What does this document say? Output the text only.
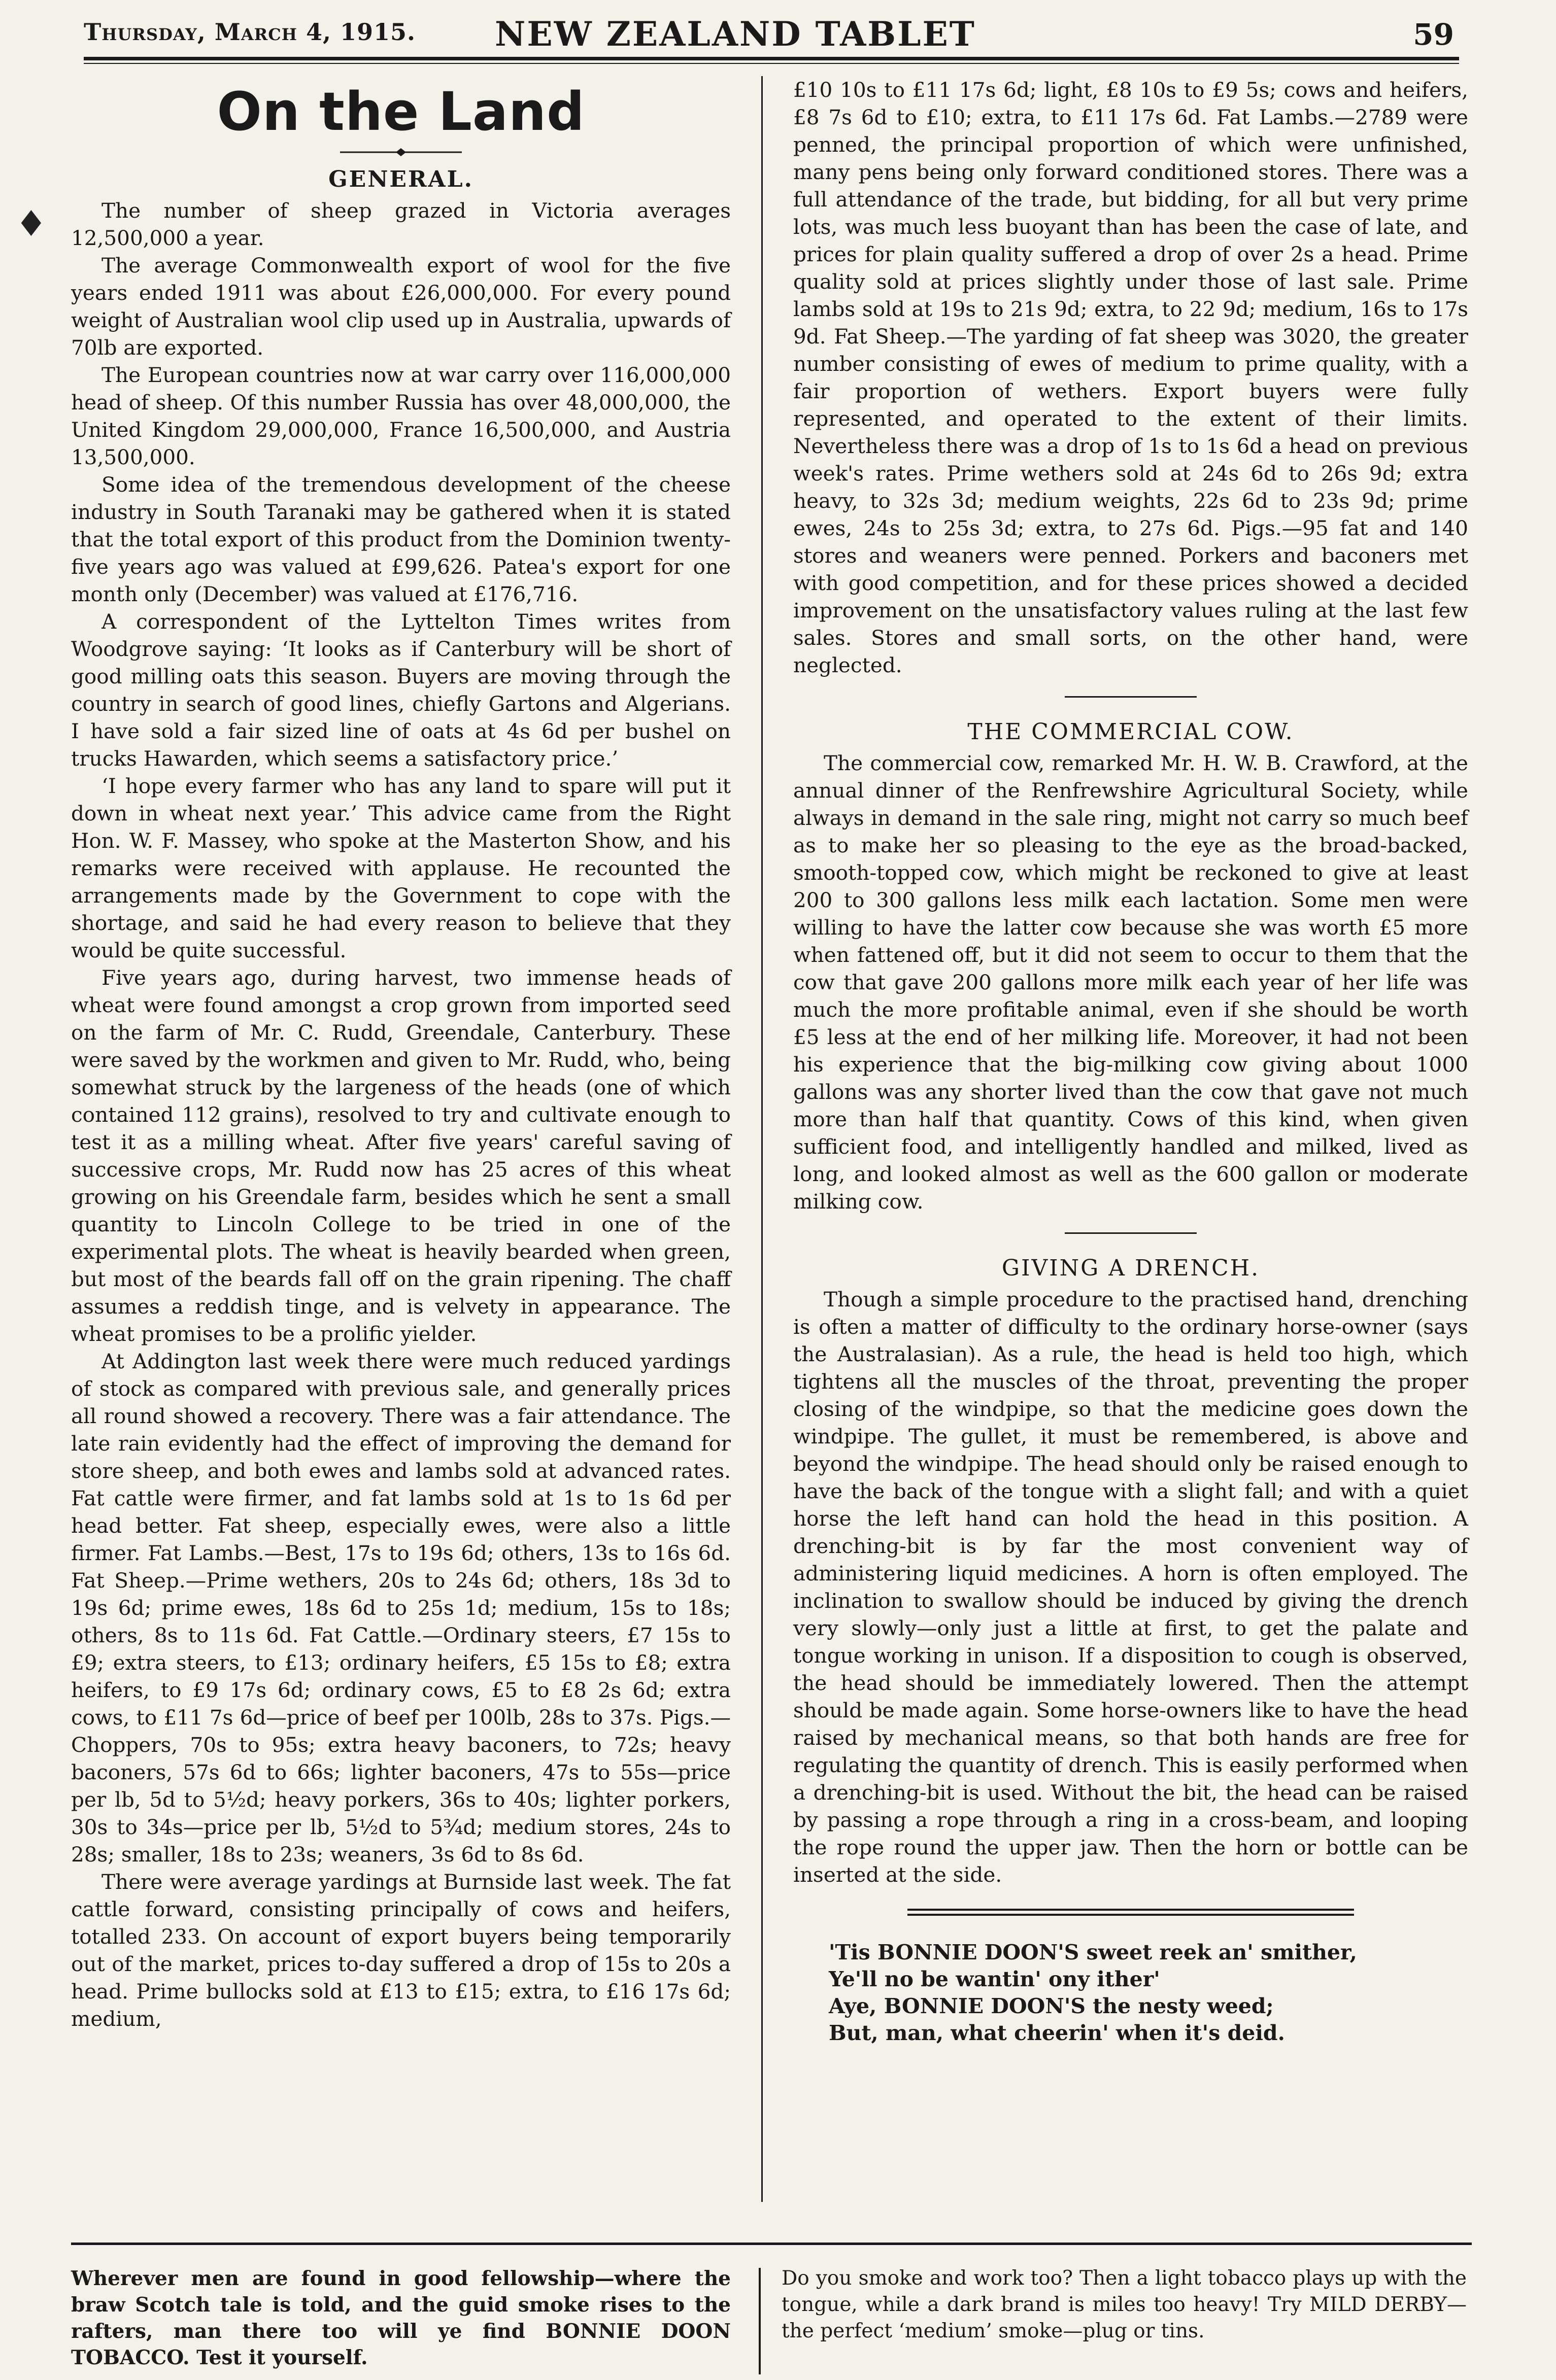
Thursday, March 4, 1915. NEW ZEALAND TABLET	59
♦
On the Land
GENERAL.

The number of sheep grazed in Victoria averages 12,500,000 a year.

The average Commonwealth export of wool for the five years ended 1911 was about £26,000,000. For every pound weight of Australian wool clip used up in Australia, upwards of 70lb are exported.

The European countries now at war carry over 116,000,000 head of sheep. Of this number Russia has over 48,000,000, the United Kingdom 29,000,000, France 16,500,000, and Austria 13,500,000.

Some idea of the tremendous development of the cheese industry in South Taranaki may be gathered when it is stated that the total export of this product from the Dominion twenty-five years ago was valued at £99,626. Patea's export for one month only (December) was valued at £176,716.

A correspondent of the Lyttelton Times writes from Woodgrove saying: ‘It looks as if Canterbury will be short of good milling oats this season. Buyers are moving through the country in search of good lines, chiefly Gartons and Algerians. I have sold a fair sized line of oats at 4s 6d per bushel on trucks Hawarden, which seems a satisfactory price.’

‘I hope every farmer who has any land to spare will put it down in wheat next year.’ This advice came from the Right Hon. W. F. Massey, who spoke at the Masterton Show, and his remarks were received with applause. He recounted the arrangements made by the Government to cope with the shortage, and said he had every reason to believe that they would be quite successful.

Five years ago, during harvest, two immense heads of wheat were found amongst a crop grown from imported seed on the farm of Mr. C. Rudd, Greendale, Canterbury. These were saved by the workmen and given to Mr. Rudd, who, being somewhat struck by the largeness of the heads (one of which contained 112 grains), resolved to try and cultivate enough to test it as a milling wheat. After five years' careful saving of successive crops, Mr. Rudd now has 25 acres of this wheat growing on his Greendale farm, besides which he sent a small quantity to Lincoln College to be tried in one of the experimental plots. The wheat is heavily bearded when green, but most of the beards fall off on the grain ripening. The chaff assumes a reddish tinge, and is velvety in appearance. The wheat promises to be a prolific yielder.

At Addington last week there were much reduced yardings of stock as compared with previous sale, and generally prices all round showed a recovery. There was a fair attendance. The late rain evidently had the effect of improving the demand for store sheep, and both ewes and lambs sold at advanced rates. Fat cattle were firmer, and fat lambs sold at 1s to 1s 6d per head better. Fat sheep, especially ewes, were also a little firmer. Fat Lambs.—Best, 17s to 19s 6d; others, 13s to 16s 6d. Fat Sheep.—Prime wethers, 20s to 24s 6d; others, 18s 3d to 19s 6d; prime ewes, 18s 6d to 25s 1d; medium, 15s to 18s; others, 8s to 11s 6d. Fat Cattle.—Ordinary steers, £7 15s to £9; extra steers, to £13; ordinary heifers, £5 15s to £8; extra heifers, to £9 17s 6d; ordinary cows, £5 to £8 2s 6d; extra cows, to £11 7s 6d—price of beef per 100lb, 28s to 37s. Pigs.—Choppers, 70s to 95s; extra heavy baconers, to 72s; heavy baconers, 57s 6d to 66s; lighter baconers, 47s to 55s—price per lb, 5d to 5½d; heavy porkers, 36s to 40s; lighter porkers, 30s to 34s—price per lb, 5½d to 5¾d; medium stores, 24s to 28s; smaller, 18s to 23s; weaners, 3s 6d to 8s 6d.

There were average yardings at Burnside last week. The fat cattle forward, consisting principally of cows and heifers, totalled 233. On account of export buyers being temporarily out of the market, prices to-day suffered a drop of 15s to 20s a head. Prime bullocks sold at £13 to £15; extra, to £16 17s 6d; medium,

£10 10s to £11 17s 6d; light, £8 10s to £9 5s; cows and heifers, £8 7s 6d to £10; extra, to £11 17s 6d. Fat Lambs.—2789 were penned, the principal proportion of which were unfinished, many pens being only forward conditioned stores. There was a full attendance of the trade, but bidding, for all but very prime lots, was much less buoyant than has been the case of late, and prices for plain quality suffered a drop of over 2s a head. Prime quality sold at prices slightly under those of last sale. Prime lambs sold at 19s to 21s 9d; extra, to 22 9d; medium, 16s to 17s 9d. Fat Sheep.—The yarding of fat sheep was 3020, the greater number consisting of ewes of medium to prime quality, with a fair proportion of wethers. Export buyers were fully represented, and operated to the extent of their limits. Nevertheless there was a drop of 1s to 1s 6d a head on previous week's rates. Prime wethers sold at 24s 6d to 26s 9d; extra heavy, to 32s 3d; medium weights, 22s 6d to 23s 9d; prime ewes, 24s to 25s 3d; extra, to 27s 6d. Pigs.—95 fat and 140 stores and weaners were penned. Porkers and baconers met with good competition, and for these prices showed a decided improvement on the unsatisfactory values ruling at the last few sales. Stores and small sorts, on the other hand, were neglected.

THE COMMERCIAL COW.

The commercial cow, remarked Mr. H. W. B. Crawford, at the annual dinner of the Renfrewshire Agricultural Society, while always in demand in the sale ring, might not carry so much beef as to make her so pleasing to the eye as the broad-backed, smooth-topped cow, which might be reckoned to give at least 200 to 300 gallons less milk each lactation. Some men were willing to have the latter cow because she was worth £5 more when fattened off, but it did not seem to occur to them that the cow that gave 200 gallons more milk each year of her life was much the more profitable animal, even if she should be worth £5 less at the end of her milking life. Moreover, it had not been his experience that the big-milking cow giving about 1000 gallons was any shorter lived than the cow that gave not much more than half that quantity. Cows of this kind, when given sufficient food, and intelligently handled and milked, lived as long, and looked almost as well as the 600 gallon or moderate milking cow.

GIVING A DRENCH.

Though a simple procedure to the practised hand, drenching is often a matter of difficulty to the ordinary horse-owner (says the Australasian). As a rule, the head is held too high, which tightens all the muscles of the throat, preventing the proper closing of the windpipe, so that the medicine goes down the windpipe. The gullet, it must be remembered, is above and beyond the windpipe. The head should only be raised enough to have the back of the tongue with a slight fall; and with a quiet horse the left hand can hold the head in this position. A drenching-bit is by far the most convenient way of administering liquid medicines. A horn is often employed. The inclination to swallow should be induced by giving the drench very slowly—only just a little at first, to get the palate and tongue working in unison. If a disposition to cough is observed, the head should be immediately lowered. Then the attempt should be made again. Some horse-owners like to have the head raised by mechanical means, so that both hands are free for regulating the quantity of drench. This is easily performed when a drenching-bit is used. Without the bit, the head can be raised by passing a rope through a ring in a cross-beam, and looping the rope round the upper jaw. Then the horn or bottle can be inserted at the side.

'Tis BONNIE DOON'S sweet reek an' smither,
Ye'll no be wantin' ony ither'
Aye, BONNIE DOON'S the nesty weed;
But, man, what cheerin' when it's deid.
Wherever men are found in good fellowship—where the braw Scotch tale is told, and the guid smoke rises to the rafters, man there too will ye find BONNIE DOON TOBACCO. Test it yourself.
Do you smoke and work too? Then a light tobacco plays up with the tongue, while a dark brand is miles too heavy! Try MILD DERBY—the perfect ‘medium’ smoke—plug or tins.
